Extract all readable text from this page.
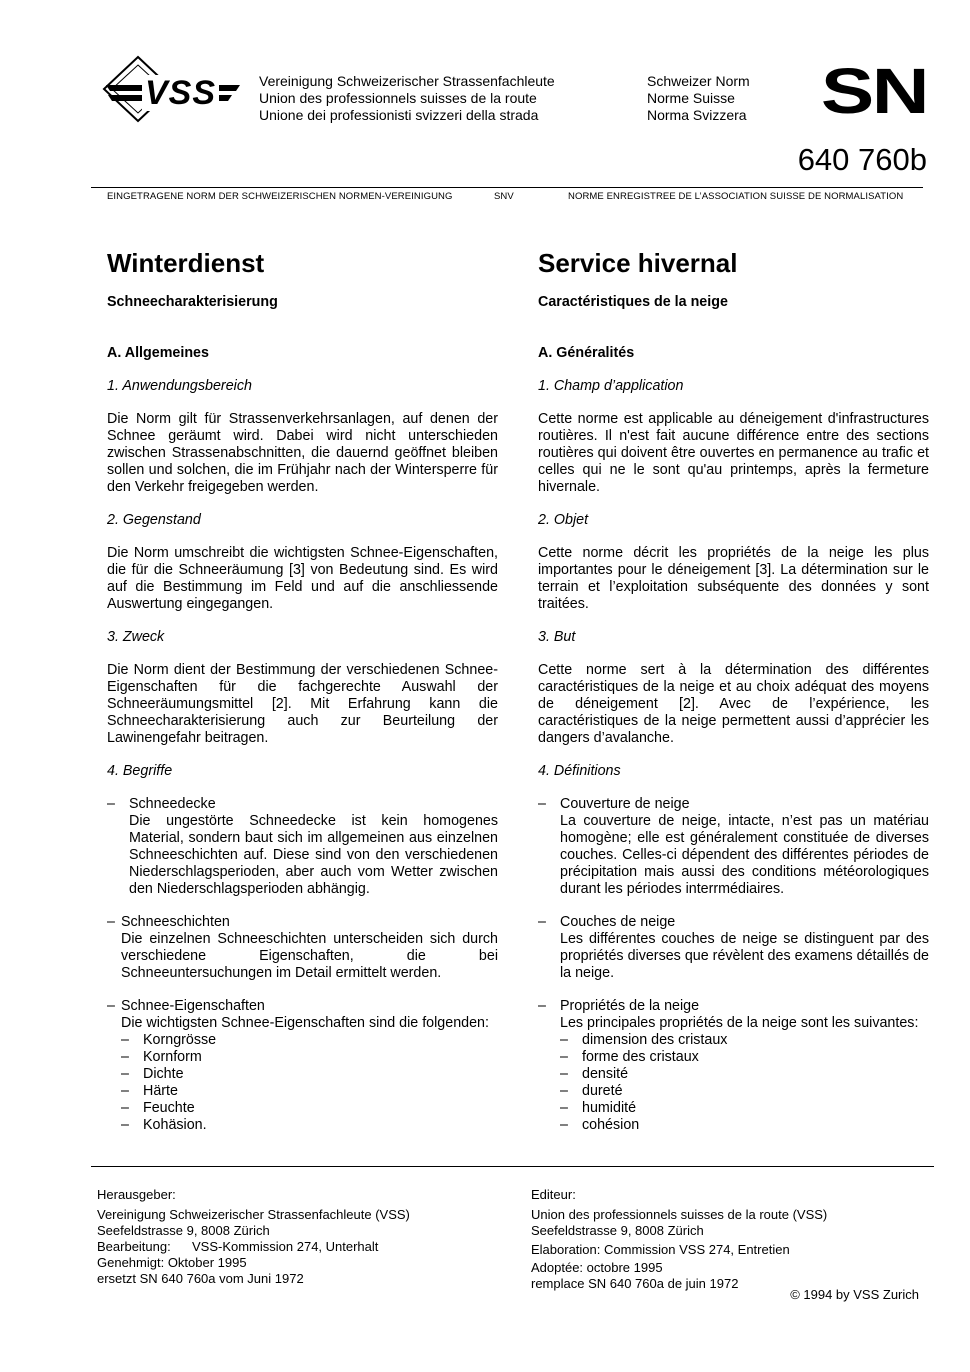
VSS	Vereinigung Schweizerischer Strassenfachleute
Union des professionnels suisses de la route
Unione dei professionisti svizzeri della strada
Schweizer Norm
Norme Suisse
Norma Svizzera	SN
640 760b
EINGETRAGENE NORM DER SCHWEIZERISCHEN NORMEN-VEREINIGUNG	SNV	NORME ENREGISTREE DE L’ASSOCIATION SUISSE DE NORMALISATION
Winterdienst

Schneecharakterisierung

A. Allgemeines

1. Anwendungsbereich

Die Norm gilt für Strassenverkehrsanlagen, auf denen der Schnee geräumt wird. Dabei wird nicht unterschieden zwischen Strassenabschnitten, die dauernd geöffnet bleiben sollen und solchen, die im Frühjahr nach der Wintersperre für den Verkehr freigegeben werden.

2. Gegenstand

Die Norm umschreibt die wichtigsten Schnee-Eigenschaften, die für die Schneeräumung [3] von Bedeutung sind. Es wird auf die Bestimmung im Feld und auf die anschliessende Auswertung eingegangen.

3. Zweck

Die Norm dient der Bestimmung der verschiedenen Schnee-Eigenschaften für die fachgerechte Auswahl der Schneeräumungsmittel [2]. Mit Erfahrung kann die Schneecharakterisierung auch zur Beurteilung der Lawinengefahr beitragen.

4. Begriffe

– Schneedecke

Die ungestörte Schneedecke ist kein homogenes Material, sondern baut sich im allgemeinen aus einzelnen Schneeschichten auf. Diese sind von den verschiedenen Niederschlagsperioden, aber auch vom Wetter zwischen den Niederschlagsperioden abhängig.

– Schneeschichten

Die einzelnen Schneeschichten unterscheiden sich durch verschiedene Eigenschaften, die bei Schneeuntersuchungen im Detail ermittelt werden.

– Schnee-Eigenschaften

Die wichtigsten Schnee-Eigenschaften sind die folgenden:

– Korngrösse
– Kornform
– Dichte
– Härte
– Feuchte
– Kohäsion.
Service hivernal

Caractéristiques de la neige

A. Généralités

1. Champ d’application

Cette norme est applicable au déneigement d'infrastructures routières. Il n'est fait aucune différence entre des sections routières qui doivent être ouvertes en permanence au trafic et celles qui ne le sont qu'au printemps, après la fermeture hivernale.

2. Objet

Cette norme décrit les propriétés de la neige les plus importantes pour le déneigement [3]. La détermination sur le terrain et l’exploitation subséquente des données y sont traitées.

3. But

Cette norme sert à la détermination des différentes caractéristiques de la neige et au choix adéquat des moyens de déneigement [2]. Avec de l’expérience, les caractéristiques de la neige permettent aussi d’apprécier les dangers d’avalanche.

4. Définitions

– Couverture de neige

La couverture de neige, intacte, n’est pas un matériau homogène; elle est généralement constituée de diverses couches. Celles-ci dépendent des différentes périodes de précipitation mais aussi des conditions météorologiques durant les périodes interrmédiaires.

– Couches de neige

Les différentes couches de neige se distinguent par des propriétés diverses que révèlent des examens détaillés de la neige.

– Propriétés de la neige

Les principales propriétés de la neige sont les suivantes:

– dimension des cristaux
– forme des cristaux
– densité
– dureté
– humidité
– cohésion
Herausgeber:
Vereinigung Schweizerischer Strassenfachleute (VSS)
Seefeldstrasse 9, 8008 Zürich
Bearbeitung: VSS-Kommission 274, Unterhalt
Genehmigt: Oktober 1995
ersetzt SN 640 760a vom Juni 1972
Editeur:
Union des professionnels suisses de la route (VSS)
Seefeldstrasse 9, 8008 Zürich
Elaboration: Commission VSS 274, Entretien
Adoptée: octobre 1995
remplace SN 640 760a de juin 1972
© 1994 by VSS Zurich
